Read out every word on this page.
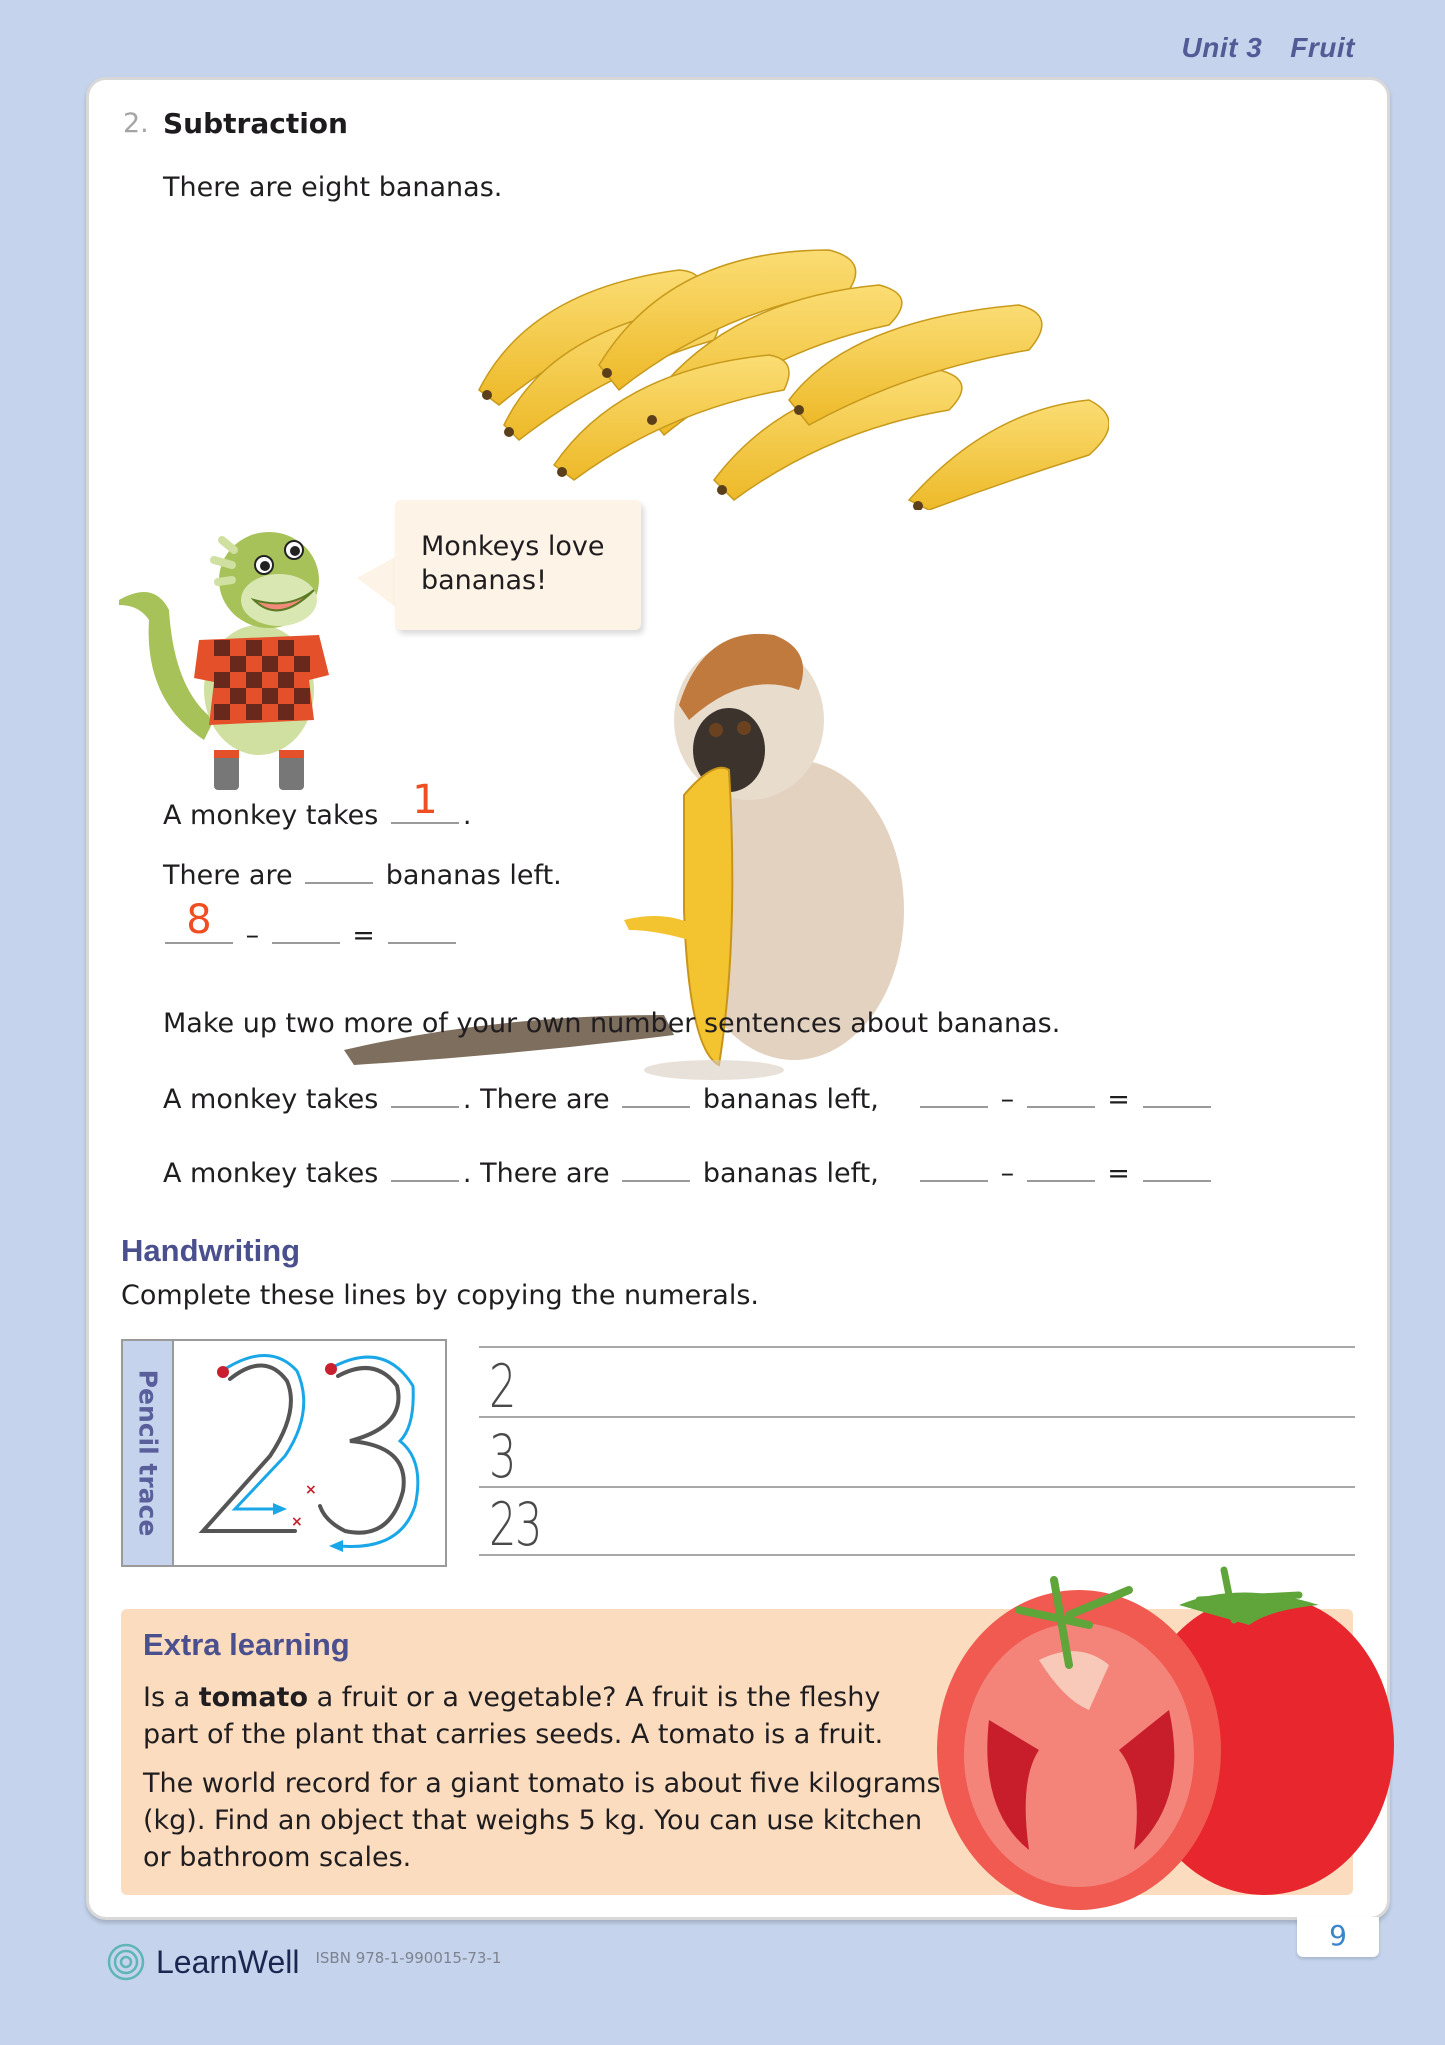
Unit 3 Fruit
2. Subtraction
There are eight bananas.
Monkeys love
bananas!
A monkey takes 1 .
There are	bananas left.
8	–	=
Make up two more of your own number sentences about bananas.
A monkey takes	. There are	bananas left,	–	=
A monkey takes	. There are	bananas left,	–	=
Handwriting
Complete these lines by copying the numerals.
Pencil trace	×
×
2
3
23
Extra learning
Is a tomato a fruit or a vegetable? A fruit is the fleshy part of the plant that carries seeds. A tomato is a fruit.
The world record for a giant tomato is about five kilograms (kg). Find an object that weighs 5 kg. You can use kitchen or bathroom scales.
LearnWell ISBN 978-1-990015-73-1
9
